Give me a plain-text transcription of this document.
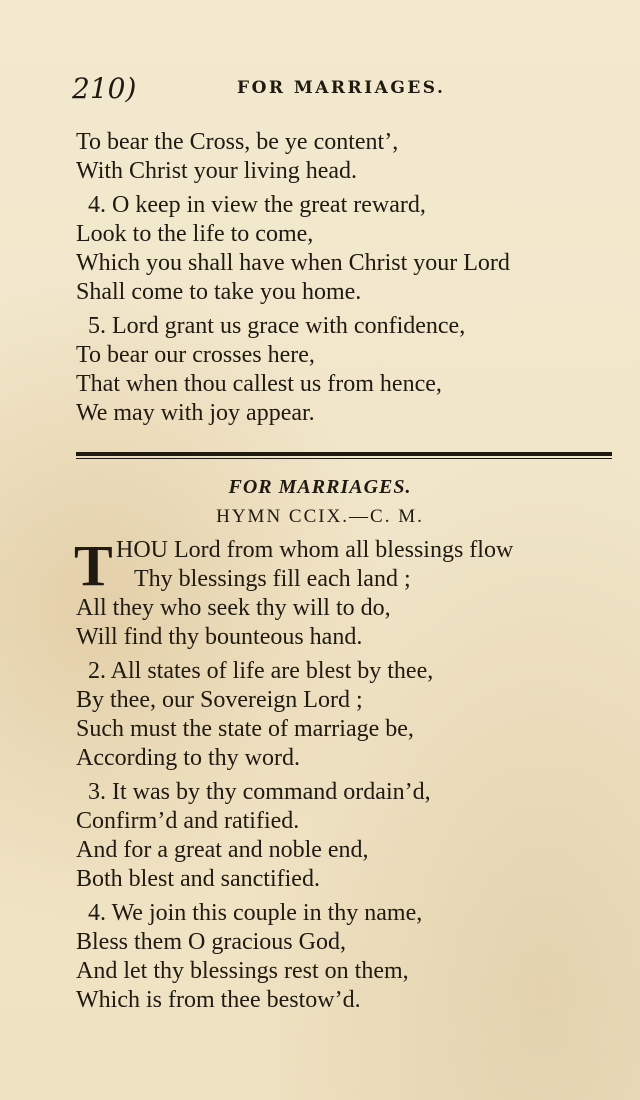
210)	FOR MARRIAGES.
To bear the Cross, be ye content’,
With Christ your living head.
4. O keep in view the great reward,
Look to the life to come,
Which you shall have when Christ your Lord
Shall come to take you home.
5. Lord grant us grace with confidence,
To bear our crosses here,
That when thou callest us from hence,
We may with joy appear.
FOR MARRIAGES.
HYMN CCIX.—C. M.
T HOU Lord from whom all blessings flow
Thy blessings fill each land ;
All they who seek thy will to do,
Will find thy bounteous hand.
2. All states of life are blest by thee,
By thee, our Sovereign Lord ;
Such must the state of marriage be,
According to thy word.
3. It was by thy command ordain’d,
Confirm’d and ratified.
And for a great and noble end,
Both blest and sanctified.
4. We join this couple in thy name,
Bless them O gracious God,
And let thy blessings rest on them,
Which is from thee bestow’d.
